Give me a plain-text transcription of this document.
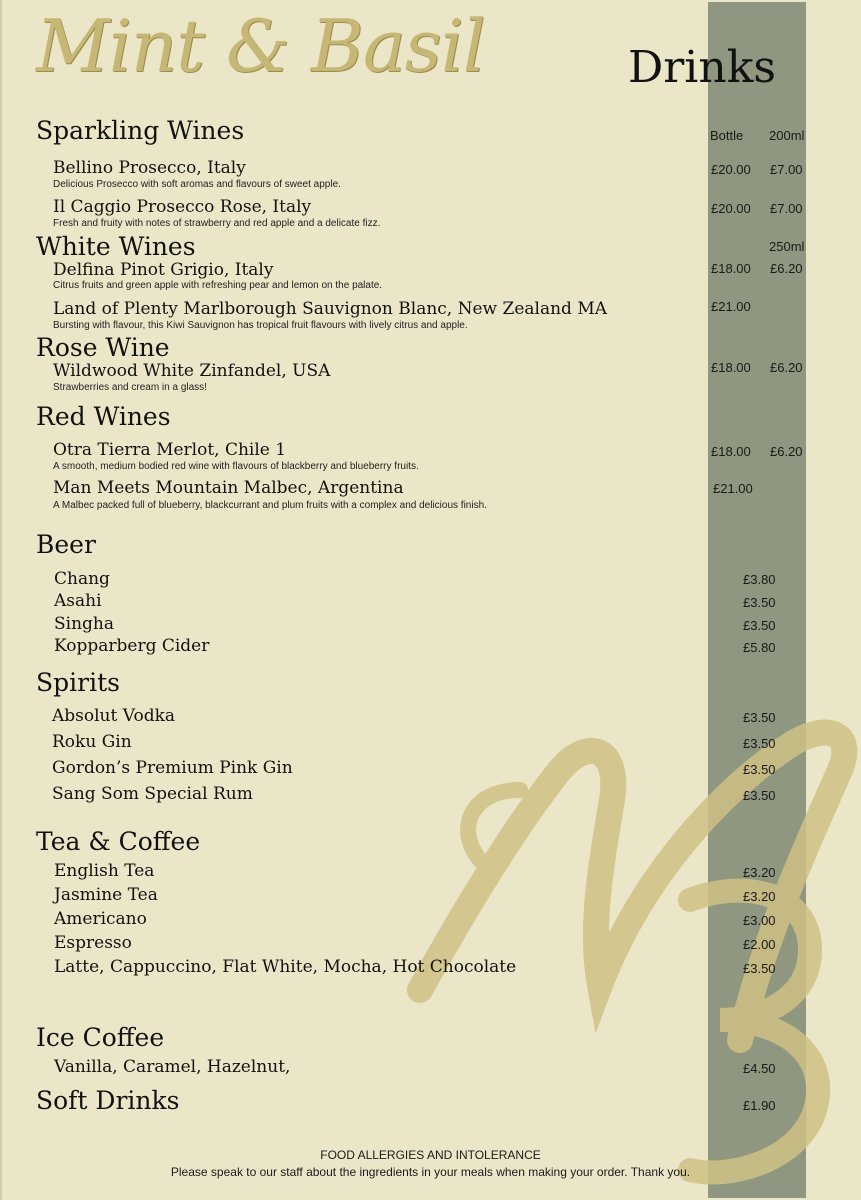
Mint & Basil	Drinks
Bottle 200ml
250ml
Sparkling Wines
Bellino Prosecco, Italy
Delicious Prosecco with soft aromas and flavours of sweet apple.
£20.00 £7.00
Il Caggio Prosecco Rose, Italy
Fresh and fruity with notes of strawberry and red apple and a delicate fizz.
£20.00 £7.00
White Wines
Delfina Pinot Grigio, Italy
Citrus fruits and green apple with refreshing pear and lemon on the palate.
£18.00 £6.20
Land of Plenty Marlborough Sauvignon Blanc, New Zealand MA
Bursting with flavour, this Kiwi Sauvignon has tropical fruit flavours with lively citrus and apple.
£21.00
Rose Wine
Wildwood White Zinfandel, USA
Strawberries and cream in a glass!
£18.00 £6.20
Red Wines
Otra Tierra Merlot, Chile 1
A smooth, medium bodied red wine with flavours of blackberry and blueberry fruits.
£18.00 £6.20
Man Meets Mountain Malbec, Argentina
A Malbec packed full of blueberry, blackcurrant and plum fruits with a complex and delicious finish.
£21.00
Beer
Chang	£3.80
Asahi	£3.50
Singha	£3.50
Kopparberg Cider	£5.80
Spirits
Absolut Vodka	£3.50
Roku Gin	£3.50
Gordon’s Premium Pink Gin	£3.50
Sang Som Special Rum	£3.50
Tea & Coffee
English Tea	£3.20
Jasmine Tea	£3.20
Americano	£3.00
Espresso	£2.00
Latte, Cappuccino, Flat White, Mocha, Hot Chocolate	£3.50
Ice Coffee
Vanilla, Caramel, Hazelnut,	£4.50
Soft Drinks	£1.90
FOOD ALLERGIES AND INTOLERANCE
Please speak to our staff about the ingredients in your meals when making your order. Thank you.
